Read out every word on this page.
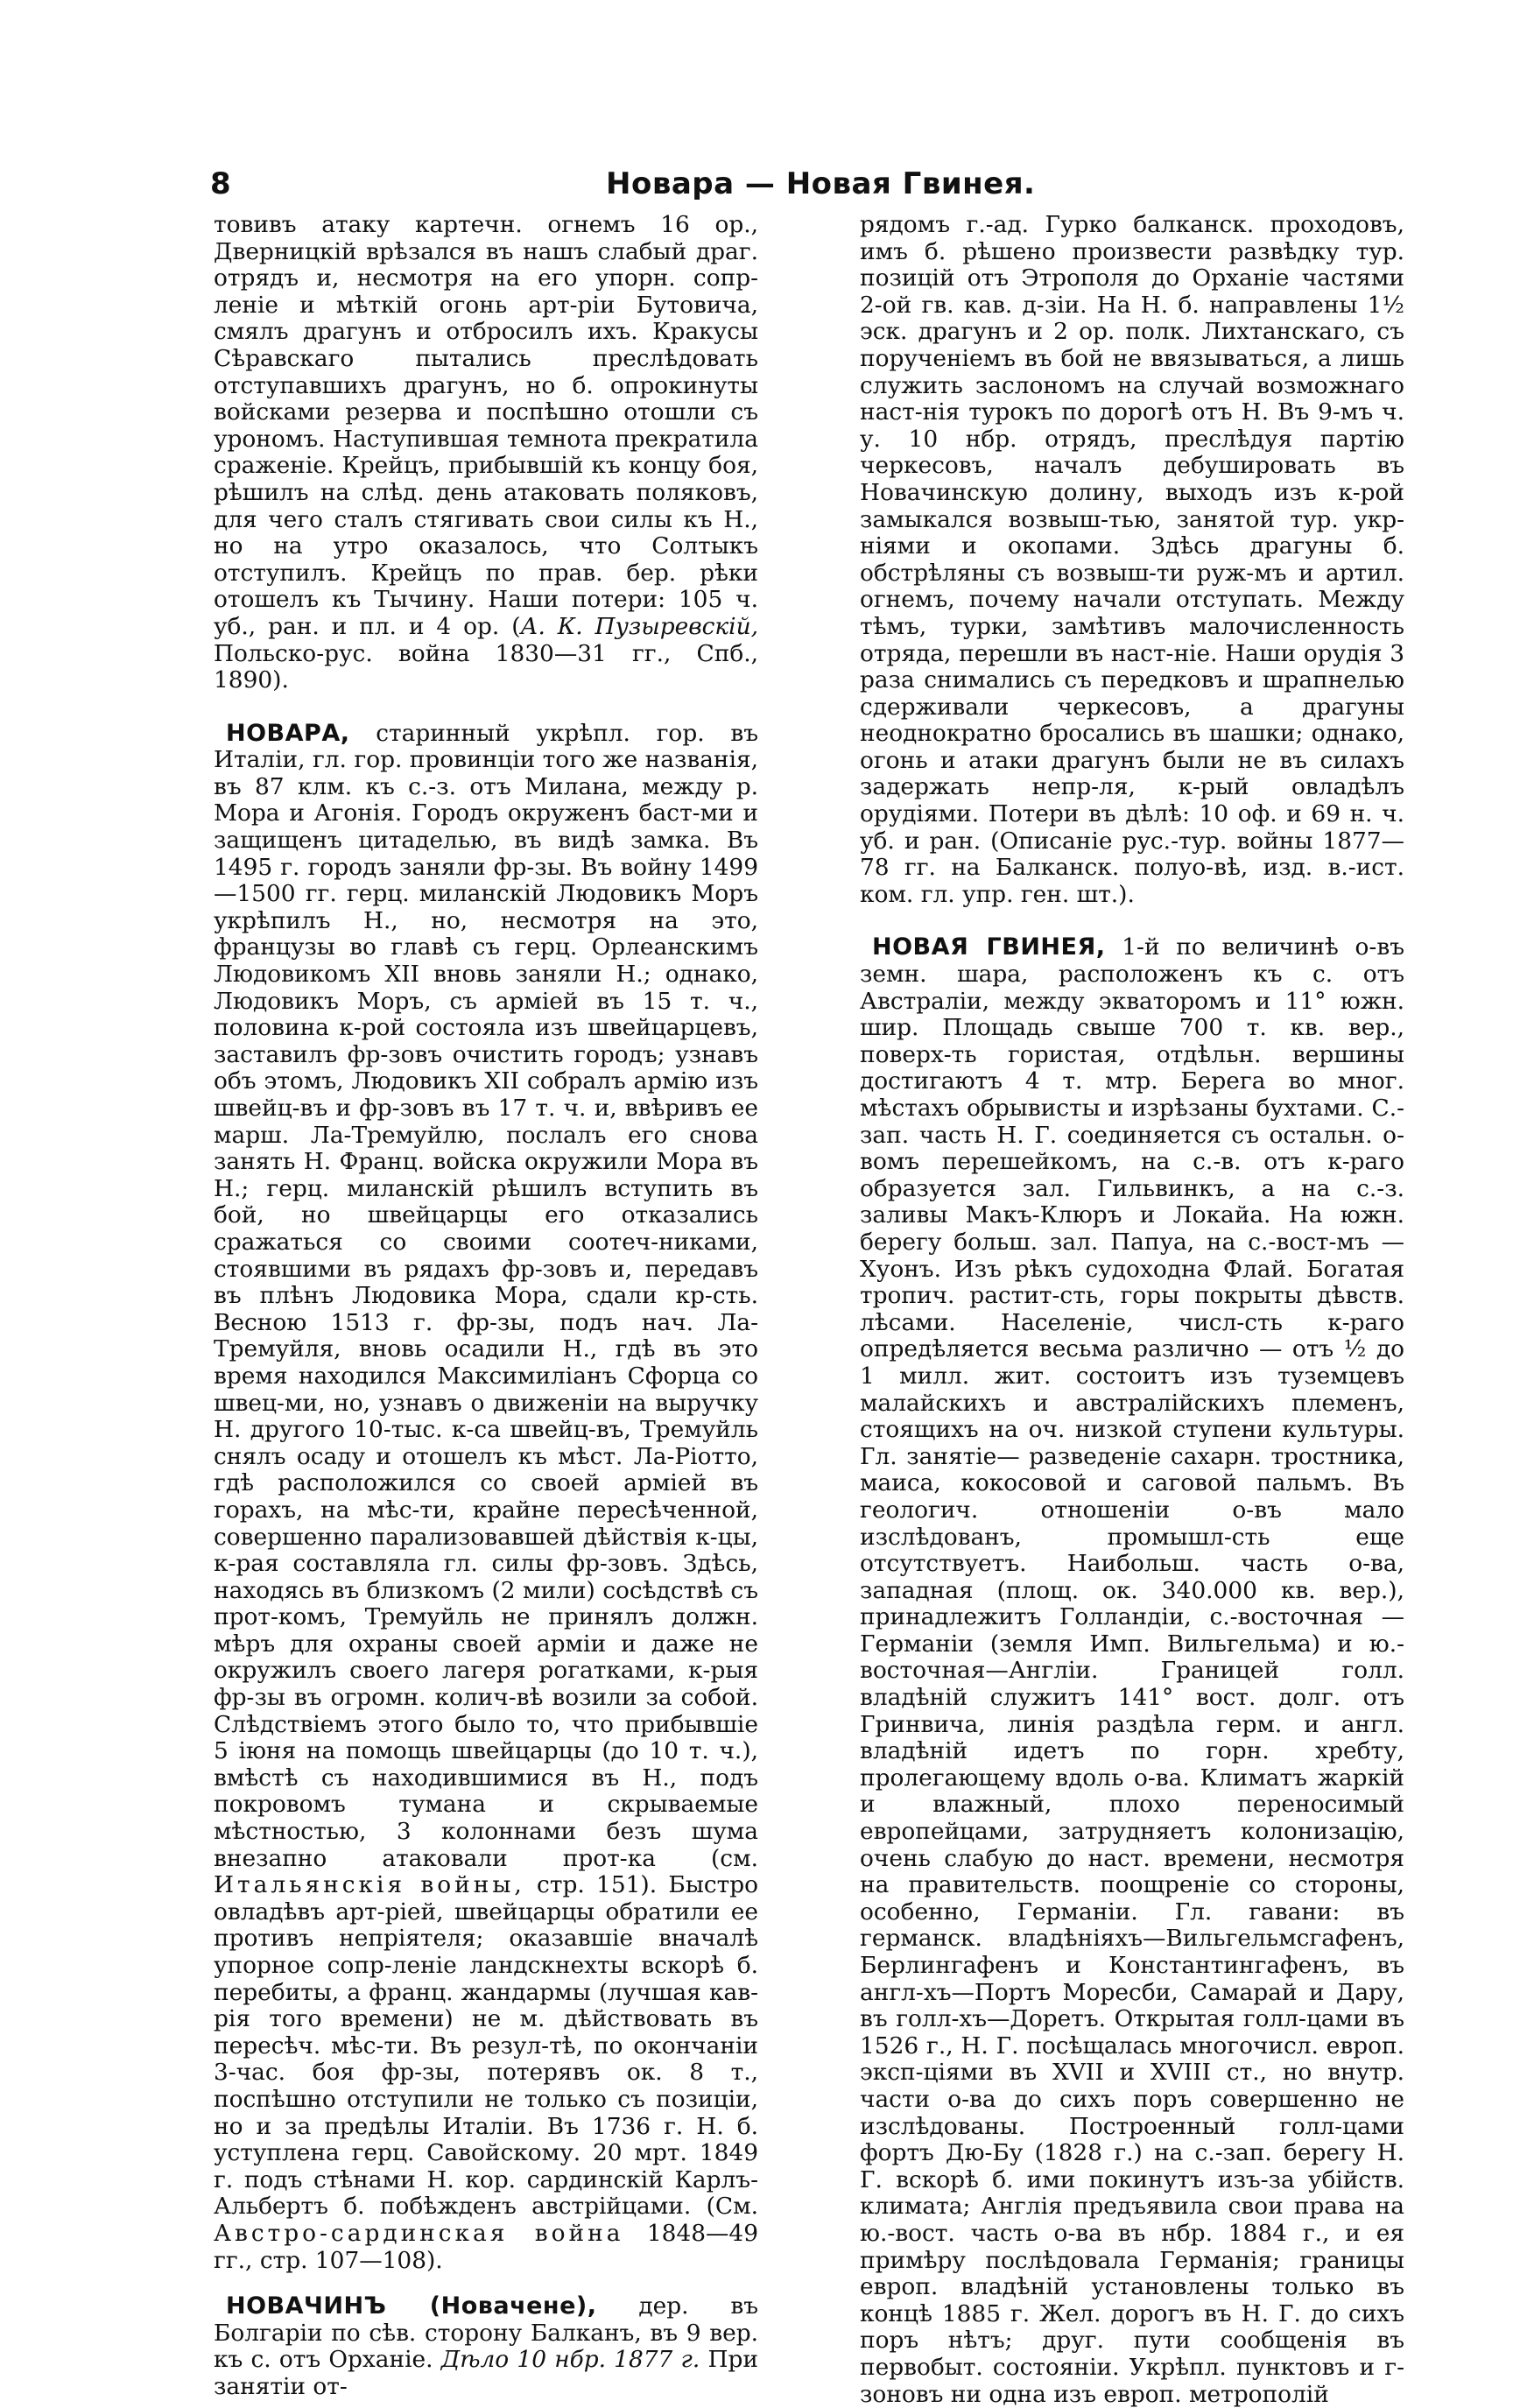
8	Новара — Новая Гвинея.

товивъ атаку картечн. огнемъ 16 ор., Дверницкій врѣзался въ нашъ слабый драг. отрядъ и, несмотря на его упорн. сопр-леніе и мѣткій огонь арт-ріи Бутовича, смялъ драгунъ и отбросилъ ихъ. Кракусы Сѣравскаго пытались преслѣдовать отступавшихъ драгунъ, но б. опрокинуты войсками резерва и поспѣшно отошли съ урономъ. Наступившая темнота прекратила сраженіе. Крейцъ, прибывшій къ концу боя, рѣшилъ на слѣд. день атаковать поляковъ, для чего сталъ стягивать свои силы къ Н., но на утро оказалось, что Солтыкъ отступилъ. Крейцъ по прав. бер. рѣки отошелъ къ Тычину. Наши потери: 105 ч. уб., ран. и пл. и 4 ор. (А. К. Пузыревскій, Польско-рус. война 1830—31 гг., Спб., 1890).

НОВАРА, старинный укрѣпл. гор. въ Италіи, гл. гор. провинціи того же названія, въ 87 клм. къ с.-з. отъ Милана, между р. Мора и Агонія. Городъ окруженъ баст-ми и защищенъ цитаделью, въ видѣ замка. Въ 1495 г. городъ заняли фр-зы. Въ войну 1499—1500 гг. герц. миланскій Людовикъ Моръ укрѣпилъ Н., но, несмотря на это, французы во главѣ съ герц. Орлеанскимъ Людовикомъ XII вновь заняли Н.; однако, Людовикъ Моръ, съ арміей въ 15 т. ч., половина к-рой состояла изъ швейцарцевъ, заставилъ фр-зовъ очистить городъ; узнавъ объ этомъ, Людовикъ XII собралъ армію изъ швейц-въ и фр-зовъ въ 17 т. ч. и, ввѣривъ ее марш. Ла-Тремуйлю, послалъ его снова занять Н. Франц. войска окружили Мора въ Н.; герц. миланскій рѣшилъ вступить въ бой, но швейцарцы его отказались сражаться со своими соотеч-никами, стоявшими въ рядахъ фр-зовъ и, передавъ въ плѣнъ Людовика Мора, сдали кр-сть. Весною 1513 г. фр-зы, подъ нач. Ла-Тремуйля, вновь осадили Н., гдѣ въ это время находился Максимиліанъ Сфорца со швец-ми, но, узнавъ о движеніи на выручку Н. другого 10-тыс. к-са швейц-въ, Тремуйль снялъ осаду и отошелъ къ мѣст. Ла-Ріотто, гдѣ расположился со своей арміей въ горахъ, на мѣс-ти, крайне пересѣченной, совершенно парализовавшей дѣйствія к-цы, к-рая составляла гл. силы фр-зовъ. Здѣсь, находясь въ близкомъ (2 мили) сосѣдствѣ съ прот-комъ, Тремуйль не принялъ должн. мѣръ для охраны своей арміи и даже не окружилъ своего лагеря рогатками, к-рыя фр-зы въ огромн. колич-вѣ возили за собой. Слѣдствіемъ этого было то, что прибывшіе 5 іюня на помощь швейцарцы (до 10 т. ч.), вмѣстѣ съ находившимися въ Н., подъ покровомъ тумана и скрываемые мѣстностью, 3 колоннами безъ шума внезапно атаковали прот-ка (см. Итальянскія войны, стр. 151). Быстро овладѣвъ арт-ріей, швейцарцы обратили ее противъ непріятеля; оказавшіе вначалѣ упорное сопр-леніе ландскнехты вскорѣ б. перебиты, а франц. жандармы (лучшая кав-рія того времени) не м. дѣйствовать въ пересѣч. мѣс-ти. Въ резул-тѣ, по окончаніи 3-час. боя фр-зы, потерявъ ок. 8 т., поспѣшно отступили не только съ позиціи, но и за предѣлы Италіи. Въ 1736 г. Н. б. уступлена герц. Савойскому. 20 мрт. 1849 г. подъ стѣнами Н. кор. сардинскій Карлъ-Альбертъ б. побѣжденъ австрійцами. (См. Австро-сардинская война 1848—49 гг., стр. 107—108).

НОВАЧИНЪ (Новачене), дер. въ Болгаріи по сѣв. сторону Балканъ, въ 9 вер. къ с. отъ Орханіе. Дѣло 10 нбр. 1877 г. При занятіи от-

рядомъ г.-ад. Гурко балканск. проходовъ, имъ б. рѣшено произвести развѣдку тур. позицій отъ Этрополя до Орханіе частями 2-ой гв. кав. д-зіи. На Н. б. направлены 1½ эск. драгунъ и 2 ор. полк. Лихтанскаго, съ порученіемъ въ бой не ввязываться, а лишь служить заслономъ на случай возможнаго наст-нія турокъ по дорогѣ отъ Н. Въ 9-мъ ч. у. 10 нбр. отрядъ, преслѣдуя партію черкесовъ, началъ дебушировать въ Новачинскую долину, выходъ изъ к-рой замыкался возвыш-тью, занятой тур. укр-ніями и окопами. Здѣсь драгуны б. обстрѣляны съ возвыш-ти руж-мъ и артил. огнемъ, почему начали отступать. Между тѣмъ, турки, замѣтивъ малочисленность отряда, перешли въ наст-ніе. Наши орудія 3 раза снимались съ передковъ и шрапнелью сдерживали черкесовъ, а драгуны неоднократно бросались въ шашки; однако, огонь и атаки драгунъ были не въ силахъ задержать непр-ля, к-рый овладѣлъ орудіями. Потери въ дѣлѣ: 10 оф. и 69 н. ч. уб. и ран. (Описаніе рус.-тур. войны 1877—78 гг. на Балканск. полуо-вѣ, изд. в.-ист. ком. гл. упр. ген. шт.).

НОВАЯ ГВИНЕЯ, 1-й по величинѣ о-въ земн. шара, расположенъ къ с. отъ Австраліи, между экваторомъ и 11° южн. шир. Площадь свыше 700 т. кв. вер., поверх-ть гористая, отдѣльн. вершины достигаютъ 4 т. мтр. Берега во мног. мѣстахъ обрывисты и изрѣзаны бухтами. С.-зап. часть Н. Г. соединяется съ остальн. о-вомъ перешейкомъ, на с.-в. отъ к-раго образуется зал. Гильвинкъ, а на с.-з. заливы Макъ-Клюръ и Локайа. На южн. берегу больш. зал. Папуа, на с.-вост-мъ — Хуонъ. Изъ рѣкъ судоходна Флай. Богатая тропич. растит-сть, горы покрыты дѣвств. лѣсами. Населеніе, числ-сть к-раго опредѣляется весьма различно — отъ ½ до 1 милл. жит. состоитъ изъ туземцевъ малайскихъ и австралійскихъ племенъ, стоящихъ на оч. низкой ступени культуры. Гл. занятіе— разведеніе сахарн. тростника, маиса, кокосовой и саговой пальмъ. Въ геологич. отношеніи о-въ мало изслѣдованъ, промышл-сть еще отсутствуетъ. Наибольш. часть о-ва, западная (площ. ок. 340.000 кв. вер.), принадлежитъ Голландіи, с.-восточная — Германіи (земля Имп. Вильгельма) и ю.-восточная—Англіи. Границей голл. владѣній служитъ 141° вост. долг. отъ Гринвича, линія раздѣла герм. и англ. владѣній идетъ по горн. хребту, пролегающему вдоль о-ва. Климатъ жаркій и влажный, плохо переносимый европейцами, затрудняетъ колонизацію, очень слабую до наст. времени, несмотря на правительств. поощреніе со стороны, особенно, Германіи. Гл. гавани: въ германск. владѣніяхъ—Вильгельмсгафенъ, Берлингафенъ и Константингафенъ, въ англ-хъ—Портъ Моресби, Самарай и Дару, въ голл-хъ—Доретъ. Открытая голл-цами въ 1526 г., Н. Г. посѣщалась многочисл. европ. эксп-ціями въ XVII и XVIII ст., но внутр. части о-ва до сихъ поръ совершенно не изслѣдованы. Построенный голл-цами фортъ Дю-Бу (1828 г.) на с.-зап. берегу Н. Г. вскорѣ б. ими покинутъ изъ-за убійств. климата; Англія предъявила свои права на ю.-вост. часть о-ва въ нбр. 1884 г., и ея примѣру послѣдовала Германія; границы европ. владѣній установлены только въ концѣ 1885 г. Жел. дорогъ въ Н. Г. до сихъ поръ нѣтъ; друг. пути сообщенія въ первобыт. состояніи. Укрѣпл. пунктовъ и г-зоновъ ни одна изъ европ. метрополій
